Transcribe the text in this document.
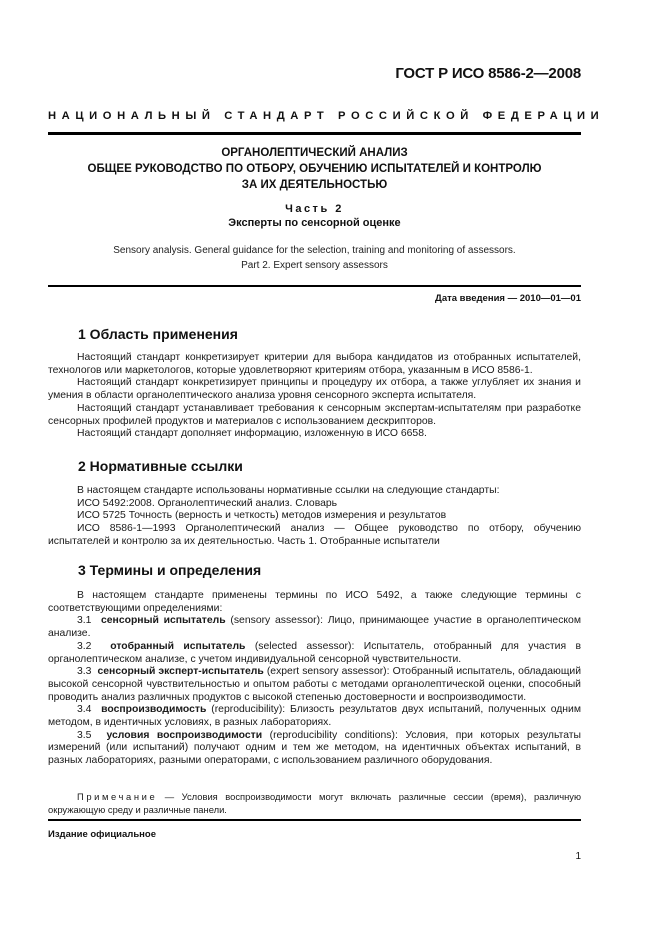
ГОСТ Р ИСО 8586-2—2008
НАЦИОНАЛЬНЫЙ СТАНДАРТ РОССИЙСКОЙ ФЕДЕРАЦИИ
ОРГАНОЛЕПТИЧЕСКИЙ АНАЛИЗ
ОБЩЕЕ РУКОВОДСТВО ПО ОТБОРУ, ОБУЧЕНИЮ ИСПЫТАТЕЛЕЙ И КОНТРОЛЮ
ЗА ИХ ДЕЯТЕЛЬНОСТЬЮ
Часть 2
Эксперты по сенсорной оценке
Sensory analysis. General guidance for the selection, training and monitoring of assessors.
Part 2. Expert sensory assessors
Дата введения — 2010—01—01
1 Область применения

Настоящий стандарт конкретизирует критерии для выбора кандидатов из отобранных испытателей, технологов или маркетологов, которые удовлетворяют критериям отбора, указанным в ИСО 8586-1.

Настоящий стандарт конкретизирует принципы и процедуру их отбора, а также углубляет их знания и умения в области органолептического анализа уровня сенсорного эксперта испытателя.

Настоящий стандарт устанавливает требования к сенсорным экспертам-испытателям при разработке сенсорных профилей продуктов и материалов с использованием дескрипторов.

Настоящий стандарт дополняет информацию, изложенную в ИСО 6658.

2 Нормативные ссылки

В настоящем стандарте использованы нормативные ссылки на следующие стандарты:

ИСО 5492:2008. Органолептический анализ. Словарь

ИСО 5725 Точность (верность и четкость) методов измерения и результатов

ИСО 8586-1—1993 Органолептический анализ — Общее руководство по отбору, обучению испытателей и контролю за их деятельностью. Часть 1. Отобранные испытатели

3 Термины и определения

В настоящем стандарте применены термины по ИСО 5492, а также следующие термины с соответствующими определениями:

3.1 сенсорный испытатель (sensory assessor): Лицо, принимающее участие в органолептическом анализе.

3.2 отобранный испытатель (selected assessor): Испытатель, отобранный для участия в органолептическом анализе, с учетом индивидуальной сенсорной чувствительности.

3.3 сенсорный эксперт-испытатель (expert sensory assessor): Отобранный испытатель, обладающий высокой сенсорной чувствительностью и опытом работы с методами органолептической оценки, способный проводить анализ различных продуктов с высокой степенью достоверности и воспроизводимости.

3.4 воспроизводимость (reproducibility): Близость результатов двух испытаний, полученных одним методом, в идентичных условиях, в разных лабораториях.

3.5 условия воспроизводимости (reproducibility conditions): Условия, при которых результаты измерений (или испытаний) получают одним и тем же методом, на идентичных объектах испытаний, в разных лабораториях, разными операторами, с использованием различного оборудования.

Примечание — Условия воспроизводимости могут включать различные сессии (время), различную окружающую среду и различные панели.

Издание официальное
1
